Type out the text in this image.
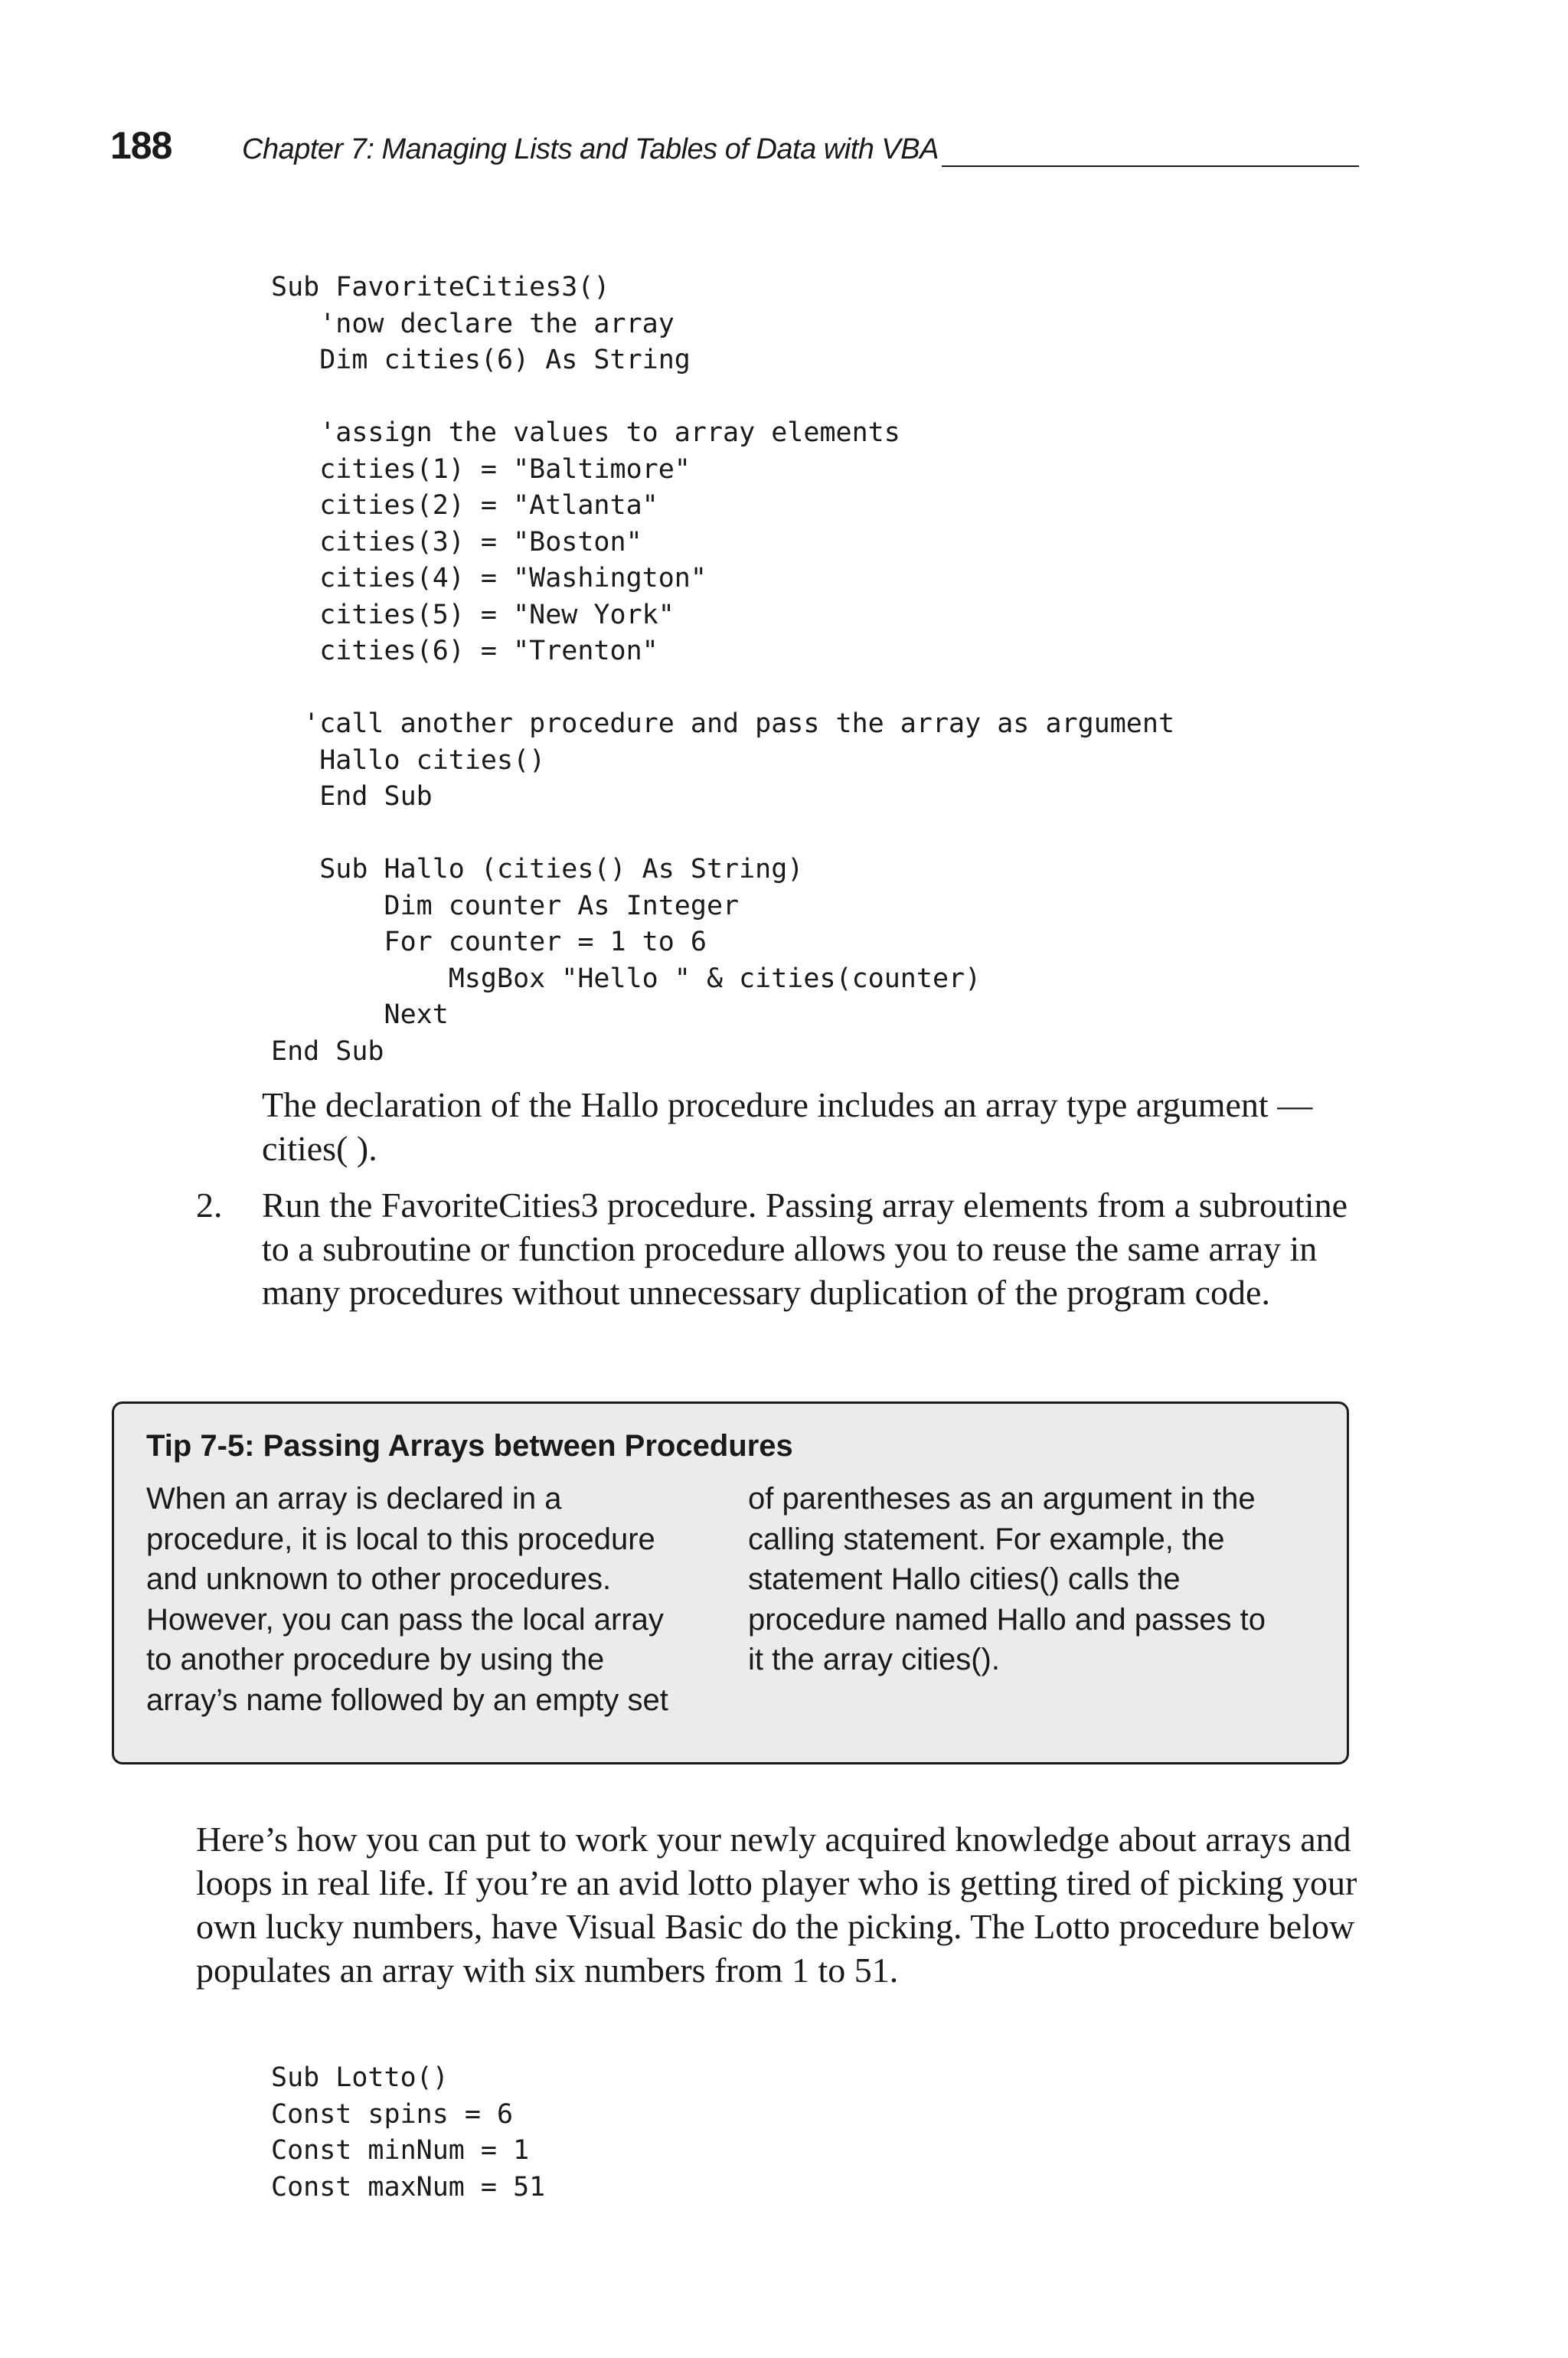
188 Chapter 7: Managing Lists and Tables of Data with VBA
Sub FavoriteCities3()
'now declare the array
Dim cities(6) As String

'assign the values to array elements
cities(1) = "Baltimore"
cities(2) = "Atlanta"
cities(3) = "Boston"
cities(4) = "Washington"
cities(5) = "New York"
cities(6) = "Trenton"

'call another procedure and pass the array as argument
Hallo cities()
End Sub

Sub Hallo (cities() As String)
Dim counter As Integer
For counter = 1 to 6
MsgBox "Hello " & cities(counter)
Next
End Sub

The declaration of the Hallo procedure includes an array type argument —cities( ).

2. Run the FavoriteCities3 procedure. Passing array elements from a subroutine to a subroutine or function procedure allows you to reuse the same array in many procedures without unnecessary duplication of the program code.

Tip 7-5: Passing Arrays between Procedures
When an array is declared in a
procedure, it is local to this procedure
and unknown to other procedures.
However, you can pass the local array
to another procedure by using the
array’s name followed by an empty set
of parentheses as an argument in the
calling statement. For example, the
statement Hallo cities() calls the
procedure named Hallo and passes to
it the array cities().

Here’s how you can put to work your newly acquired knowledge about arrays and loops in real life. If you’re an avid lotto player who is getting tired of picking your own lucky numbers, have Visual Basic do the picking. The Lotto procedure below populates an array with six numbers from 1 to 51.

Sub Lotto()
Const spins = 6
Const minNum = 1
Const maxNum = 51
